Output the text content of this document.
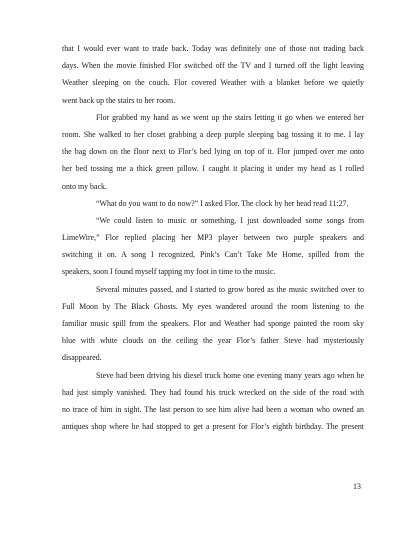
that I would ever want to trade back. Today was definitely one of those not trading back
days. When the movie finished Flor switched off the TV and I turned off the light leaving
Weather sleeping on the couch. Flor covered Weather with a blanket before we quietly
went back up the stairs to her room.
Flor grabbed my hand as we went up the stairs letting it go when we entered her
room. She walked to her closet grabbing a deep purple sleeping bag tossing it to me. I lay
the bag down on the floor next to Flor’s bed lying on top of it. Flor jumped over me onto
her bed tossing me a thick green pillow. I caught it placing it under my head as I rolled
onto my back.
“What do you want to do now?” I asked Flor. The clock by her head read 11:27.
“We could listen to music or something, I just downloaded some songs from
LimeWire,” Flor replied placing her MP3 player between two purple speakers and
switching it on. A song I recognized, Pink’s Can’t Take Me Home, spilled from the
speakers, soon I found myself tapping my foot in time to the music.
Several minutes passed, and I started to grow bored as the music switched over to
Full Moon by The Black Ghosts. My eyes wandered around the room listening to the
familiar music spill from the speakers. Flor and Weather had sponge painted the room sky
blue with white clouds on the ceiling the year Flor’s father Steve had mysteriously
disappeared.
Steve had been driving his diesel truck home one evening many years ago when he
had just simply vanished. They had found his truck wrecked on the side of the road with
no trace of him in sight. The last person to see him alive had been a woman who owned an
antiques shop where he had stopped to get a present for Flor’s eighth birthday. The present
13
